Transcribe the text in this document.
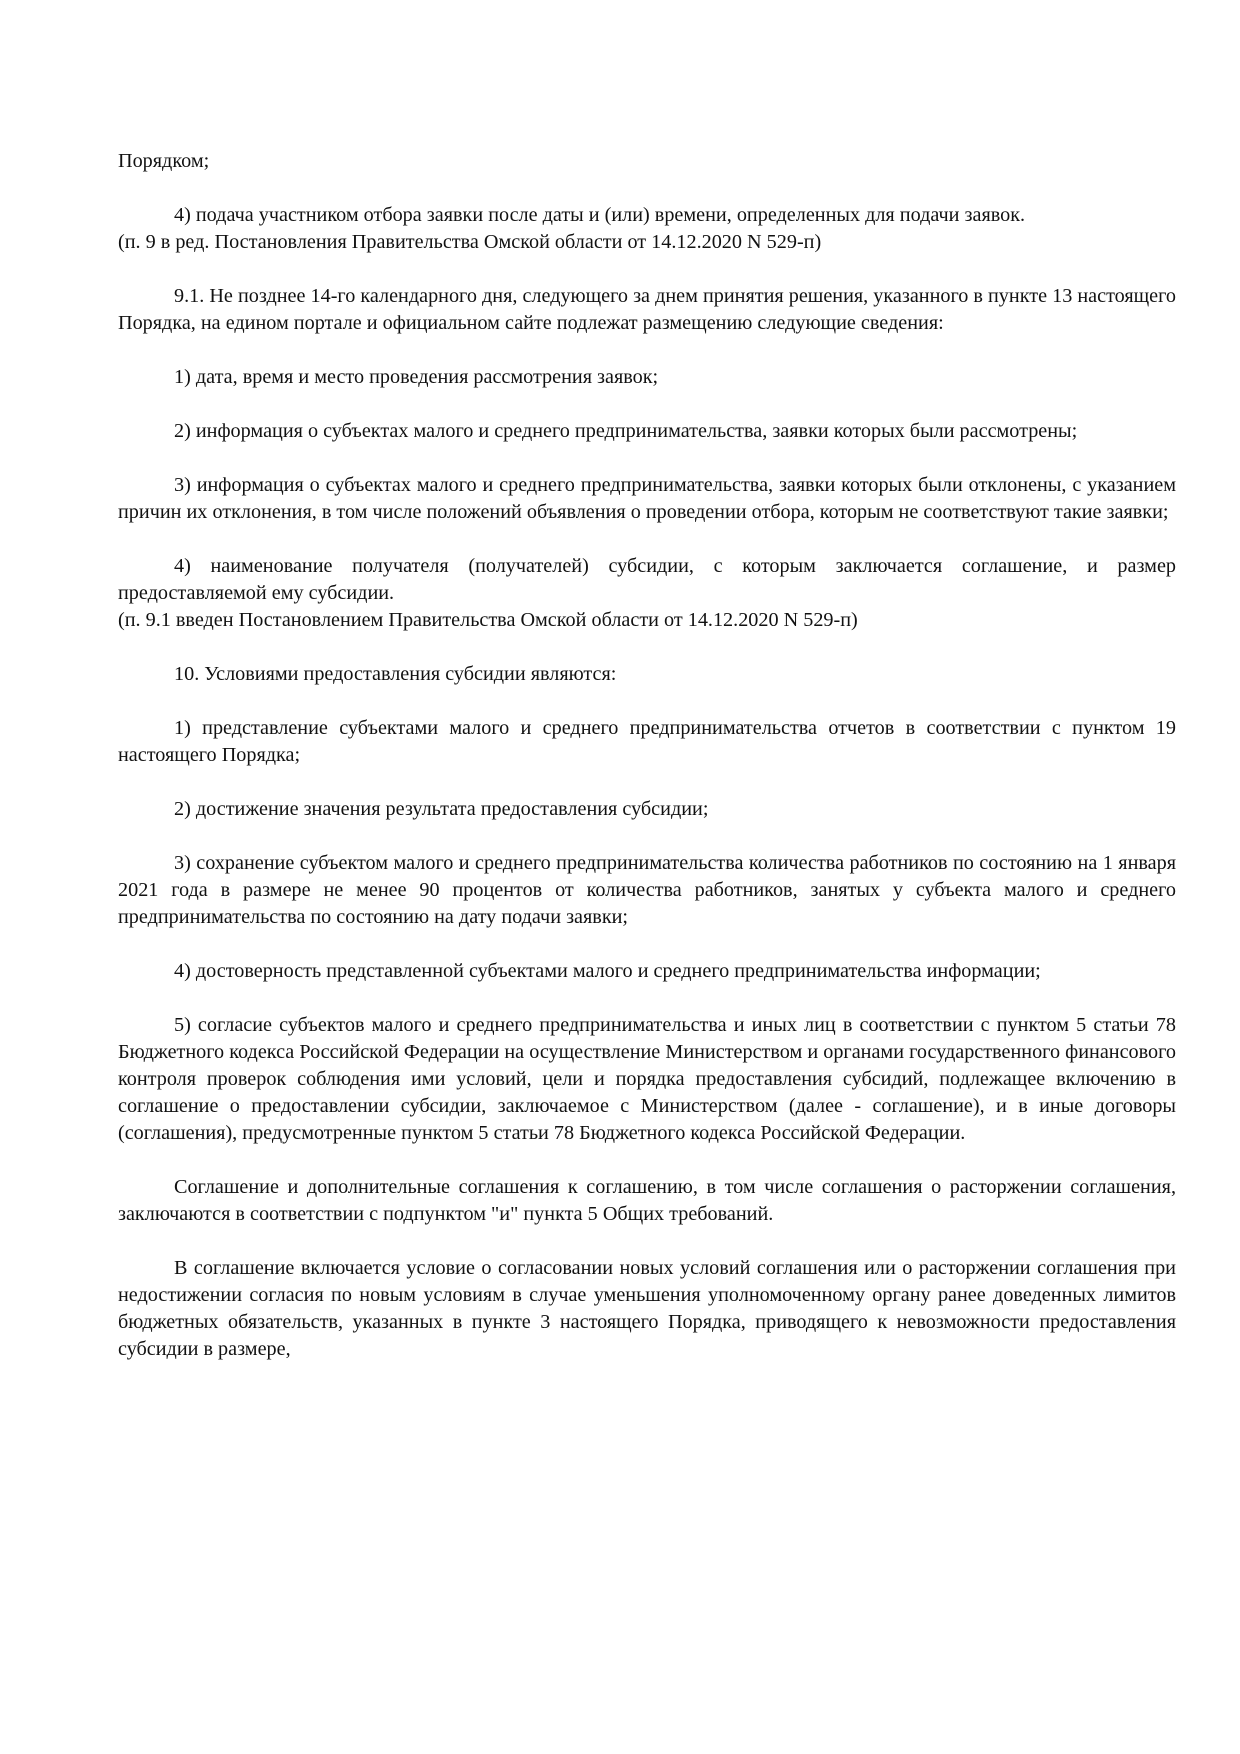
Порядком;

4) подача участником отбора заявки после даты и (или) времени, определенных для подачи заявок.

(п. 9 в ред. Постановления Правительства Омской области от 14.12.2020 N 529-п)

9.1. Не позднее 14-го календарного дня, следующего за днем принятия решения, указанного в пункте 13 настоящего Порядка, на едином портале и официальном сайте подлежат размещению следующие сведения:

1) дата, время и место проведения рассмотрения заявок;

2) информация о субъектах малого и среднего предпринимательства, заявки которых были рассмотрены;

3) информация о субъектах малого и среднего предпринимательства, заявки которых были отклонены, с указанием причин их отклонения, в том числе положений объявления о проведении отбора, которым не соответствуют такие заявки;

4) наименование получателя (получателей) субсидии, с которым заключается соглашение, и размер предоставляемой ему субсидии.

(п. 9.1 введен Постановлением Правительства Омской области от 14.12.2020 N 529-п)

10. Условиями предоставления субсидии являются:

1) представление субъектами малого и среднего предпринимательства отчетов в соответствии с пунктом 19 настоящего Порядка;

2) достижение значения результата предоставления субсидии;

3) сохранение субъектом малого и среднего предпринимательства количества работников по состоянию на 1 января 2021 года в размере не менее 90 процентов от количества работников, занятых у субъекта малого и среднего предпринимательства по состоянию на дату подачи заявки;

4) достоверность представленной субъектами малого и среднего предпринимательства информации;

5) согласие субъектов малого и среднего предпринимательства и иных лиц в соответствии с пунктом 5 статьи 78 Бюджетного кодекса Российской Федерации на осуществление Министерством и органами государственного финансового контроля проверок соблюдения ими условий, цели и порядка предоставления субсидий, подлежащее включению в соглашение о предоставлении субсидии, заключаемое с Министерством (далее - соглашение), и в иные договоры (соглашения), предусмотренные пунктом 5 статьи 78 Бюджетного кодекса Российской Федерации.

Соглашение и дополнительные соглашения к соглашению, в том числе соглашения о расторжении соглашения, заключаются в соответствии с подпунктом "и" пункта 5 Общих требований.

В соглашение включается условие о согласовании новых условий соглашения или о расторжении соглашения при недостижении согласия по новым условиям в случае уменьшения уполномоченному органу ранее доведенных лимитов бюджетных обязательств, указанных в пункте 3 настоящего Порядка, приводящего к невозможности предоставления субсидии в размере,
